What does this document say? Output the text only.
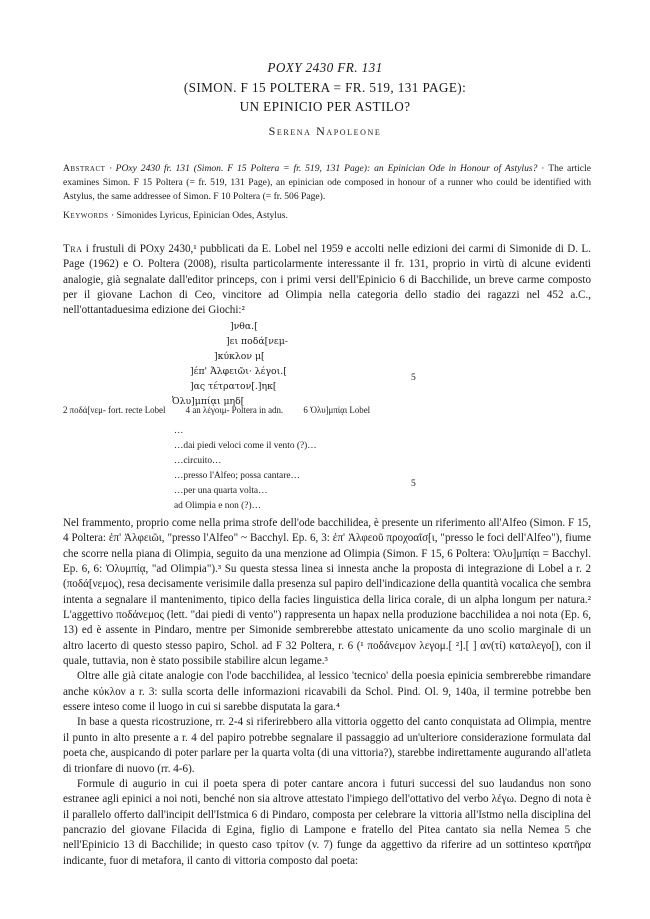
POXY 2430 FR. 131
(SIMON. F 15 POLTERA = FR. 519, 131 PAGE):
UN EPINICIO PER ASTILO?
Serena Napoleone
Abstract · POxy 2430 fr. 131 (Simon. F 15 Poltera = fr. 519, 131 Page): an Epinician Ode in Honour of Astylus? · The article examines Simon. F 15 Poltera (= fr. 519, 131 Page), an epinician ode composed in honour of a runner who could be identified with Astylus, the same addressee of Simon. F 10 Poltera (= fr. 506 Page).
Keywords · Simonides Lyricus, Epinician Odes, Astylus.
Tra i frustuli di POxy 2430,¹ pubblicati da E. Lobel nel 1959 e accolti nelle edizioni dei carmi di Simonide di D. L. Page (1962) e O. Poltera (2008), risulta particolarmente interessante il fr. 131, proprio in virtù di alcune evidenti analogie, già segnalate dall'editor princeps, con i primi versi dell'Epinicio 6 di Bacchilide, un breve carme composto per il giovane Lachon di Ceo, vincitore ad Olimpia nella categoria dello stadio dei ragazzi nel 452 a.C., nell'ottantaduesima edizione dei Giochi:²
]νθα.[
]ει ποδά[νεμ-
]κύκλον μ[
]έπ' Ἀλφειῶι· λέγοι.[
]ας τέτρατον[.]ηκ[
Ὀλυ]μπίᾳι μηδ[
5
2 ποδά[νεμ- fort. recte Lobel 4 an λέγοιμ- Poltera in adn. 6 Ὀλυ]μπίᾳι Lobel
…
…dai piedi veloci come il vento (?)…
…circuito…
…presso l'Alfeo; possa cantare…
…per una quarta volta…
ad Olimpia e non (?)…
5

Nel frammento, proprio come nella prima strofe dell'ode bacchilidea, è presente un riferimento all'Alfeo (Simon. F 15, 4 Poltera: ἐπ' Ἀλφειῶι, "presso l'Alfeo" ~ Bacchyl. Ep. 6, 3: ἐπ' Ἀλφεοῦ προχοαῖσ[ι, "presso le foci dell'Alfeo"), fiume che scorre nella piana di Olimpia, seguito da una menzione ad Olimpia (Simon. F 15, 6 Poltera: Ὀλυ]μπίᾳι = Bacchyl. Ep. 6, 6: Ὀλυμπίᾳ, "ad Olimpia").³ Su questa stessa linea si innesta anche la proposta di integrazione di Lobel a r. 2 (ποδά[νεμος), resa decisamente verisimile dalla presenza sul papiro dell'indicazione della quantità vocalica che sembra intenta a segnalare il mantenimento, tipico della facies linguistica della lirica corale, di un alpha longum per natura.² L'aggettivo ποδάνεμος (lett. "dai piedi di vento") rappresenta un hapax nella produzione bacchilidea a noi nota (Ep. 6, 13) ed è assente in Pindaro, mentre per Simonide sembrerebbe attestato unicamente da uno scolio marginale di un altro lacerto di questo stesso papiro, Schol. ad F 32 Poltera, r. 6 (¹ ποδάνεμον λεγομ.[ ²].[ ] αν(τί) καταλεγο[), con il quale, tuttavia, non è stato possibile stabilire alcun legame.³

Oltre alle già citate analogie con l'ode bacchilidea, al lessico 'tecnico' della poesia epinicia sembrerebbe rimandare anche κύκλον a r. 3: sulla scorta delle informazioni ricavabili da Schol. Pind. Ol. 9, 140a, il termine potrebbe ben essere inteso come il luogo in cui si sarebbe disputata la gara.⁴

In base a questa ricostruzione, rr. 2-4 si riferirebbero alla vittoria oggetto del canto conquistata ad Olimpia, mentre il punto in alto presente a r. 4 del papiro potrebbe segnalare il passaggio ad un'ulteriore considerazione formulata dal poeta che, auspicando di poter parlare per la quarta volta (di una vittoria?), starebbe indirettamente augurando all'atleta di trionfare di nuovo (rr. 4-6).

Formule di augurio in cui il poeta spera di poter cantare ancora i futuri successi del suo laudandus non sono estranee agli epinici a noi noti, benché non sia altrove attestato l'impiego dell'ottativo del verbo λέγω. Degno di nota è il parallelo offerto dall'incipit dell'Istmica 6 di Pindaro, composta per celebrare la vittoria all'Istmo nella disciplina del pancrazio del giovane Filacida di Egina, figlio di Lampone e fratello del Pitea cantato sia nella Nemea 5 che nell'Epinicio 13 di Bacchilide; in questo caso τρίτον (v. 7) funge da aggettivo da riferire ad un sottinteso κρατῆρα indicante, fuor di metafora, il canto di vittoria composto dal poeta:
